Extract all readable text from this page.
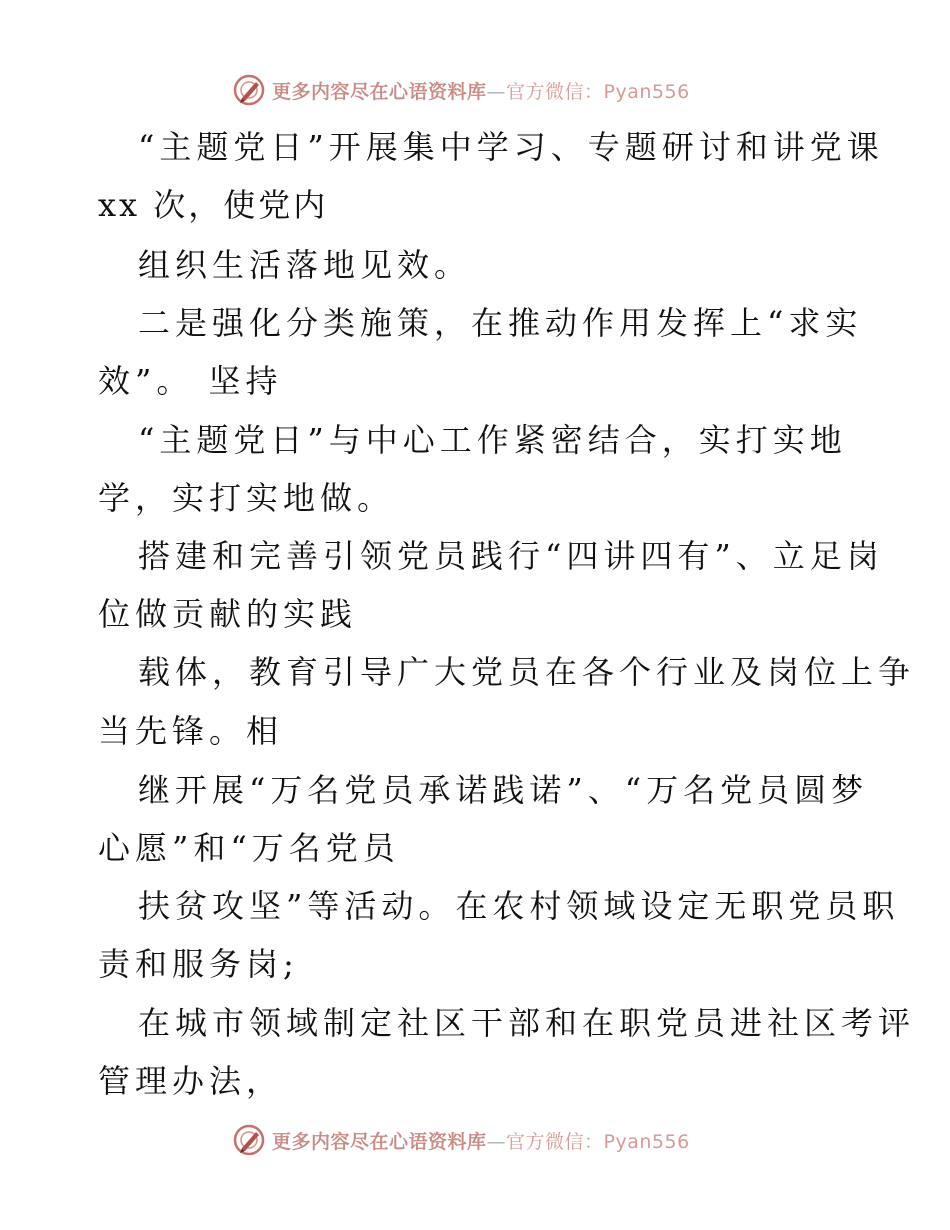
更多内容尽在心语资料库—官方微信：Pyan556
“主题党日”开展集中学习、专题研讨和讲党课
xx 次，使党内
组织生活落地见效。
二是强化分类施策，在推动作用发挥上“求实
效”。 坚持
“主题党日”与中心工作紧密结合，实打实地
学，实打实地做。
搭建和完善引领党员践行“四讲四有”、立足岗
位做贡献的实践
载体，教育引导广大党员在各个行业及岗位上争
当先锋。相
继开展“万名党员承诺践诺”、“万名党员圆梦
心愿”和“万名党员
扶贫攻坚”等活动。在农村领域设定无职党员职
责和服务岗;
在城市领域制定社区干部和在职党员进社区考评
管理办法，
更多内容尽在心语资料库—官方微信：Pyan556
